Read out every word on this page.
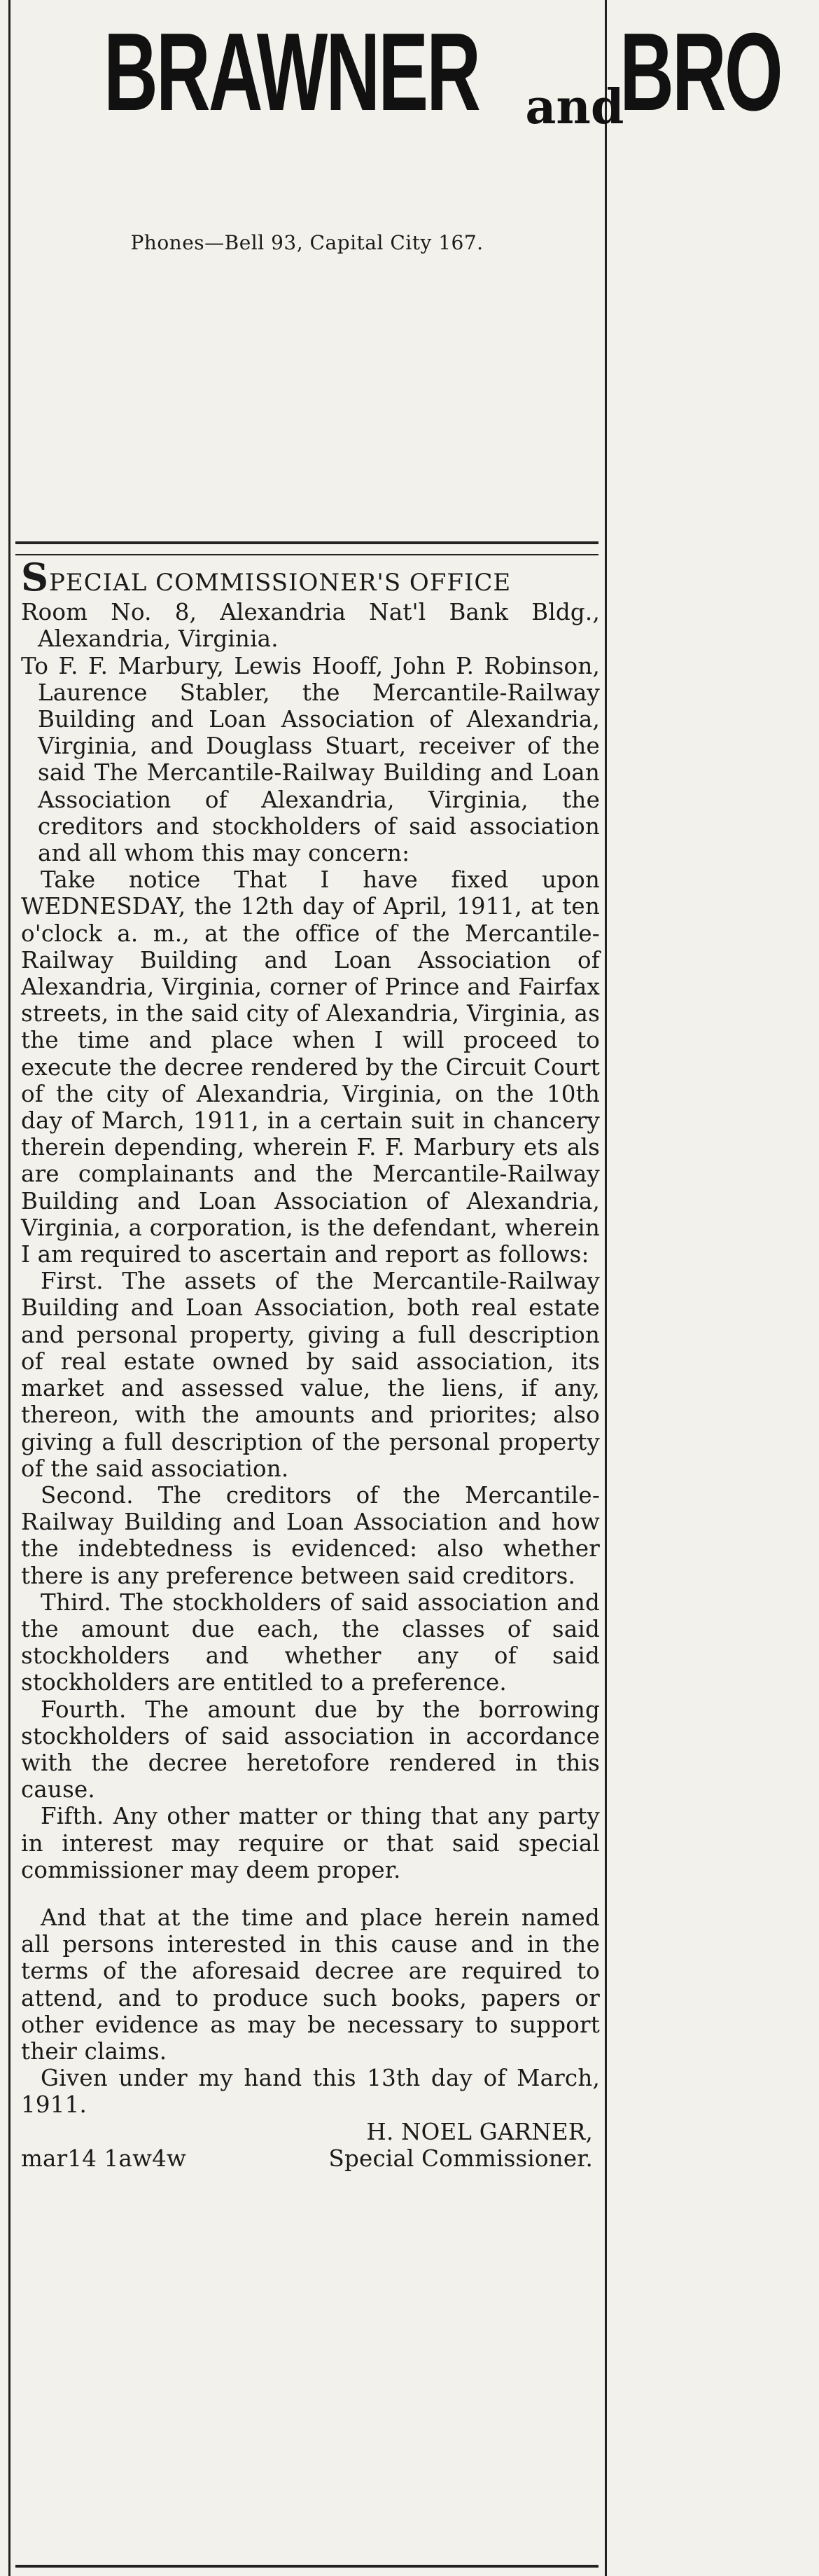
BRAWNER andBRO
Phones—Bell 93, Capital City 167.
SPECIAL COMMISSIONER'S OFFICE

Room No. 8, Alexandria Nat'l Bank Bldg., Alexandria, Virginia.

To F. F. Marbury, Lewis Hooff, John P. Robinson, Laurence Stabler, the Mercantile-Railway Building and Loan Association of Alexandria, Virginia, and Douglass Stuart, receiver of the said The Mercantile-Railway Building and Loan Association of Alexandria, Virginia, the creditors and stockholders of said association and all whom this may concern:

Take notice That I have fixed upon WEDNESDAY, the 12th day of April, 1911, at ten o'clock a. m., at the office of the Mercantile-Railway Building and Loan Association of Alexandria, Virginia, corner of Prince and Fairfax streets, in the said city of Alexandria, Virginia, as the time and place when I will proceed to execute the decree rendered by the Circuit Court of the city of Alexandria, Virginia, on the 10th day of March, 1911, in a certain suit in chancery therein depending, wherein F. F. Marbury ets als are complainants and the Mercantile-Railway Building and Loan Association of Alexandria, Virginia, a corporation, is the defendant, wherein I am required to ascertain and report as follows:

First. The assets of the Mercantile-Railway Building and Loan Association, both real estate and personal property, giving a full description of real estate owned by said association, its market and assessed value, the liens, if any, thereon, with the amounts and priorites; also giving a full description of the personal property of the said association.

Second. The creditors of the Mercantile-Railway Building and Loan Association and how the indebtedness is evidenced: also whether there is any preference between said creditors.

Third. The stockholders of said association and the amount due each, the classes of said stockholders and whether any of said stockholders are entitled to a preference.

Fourth. The amount due by the borrowing stockholders of said association in accordance with the decree heretofore rendered in this cause.

Fifth. Any other matter or thing that any party in interest may require or that said special commissioner may deem proper.

And that at the time and place herein named all persons interested in this cause and in the terms of the aforesaid decree are required to attend, and to produce such books, papers or other evidence as may be necessary to support their claims.

Given under my hand this 13th day of March, 1911.

H. NOEL GARNER,

mar14 1aw4w	Special Commissioner.
